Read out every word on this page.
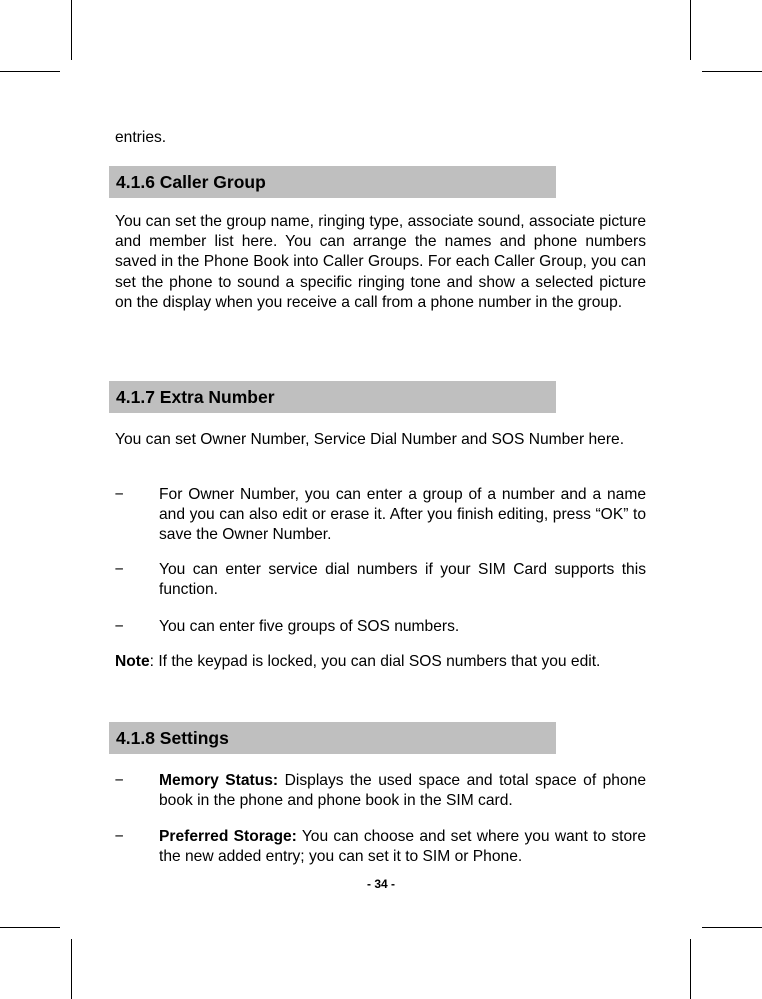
entries.

4.1.6 Caller Group

You can set the group name, ringing type, associate sound, associate picture and member list here. You can arrange the names and phone numbers saved in the Phone Book into Caller Groups. For each Caller Group, you can set the phone to sound a specific ringing tone and show a selected picture on the display when you receive a call from a phone number in the group.

4.1.7 Extra Number

You can set Owner Number, Service Dial Number and SOS Number here.

− For Owner Number, you can enter a group of a number and a name and you can also edit or erase it. After you finish editing, press “OK” to save the Owner Number.
− You can enter service dial numbers if your SIM Card supports this function.
− You can enter five groups of SOS numbers.

Note: If the keypad is locked, you can dial SOS numbers that you edit.

4.1.8 Settings
− Memory Status: Displays the used space and total space of phone book in the phone and phone book in the SIM card.
− Preferred Storage: You can choose and set where you want to store the new added entry; you can set it to SIM or Phone.
- 34 -
